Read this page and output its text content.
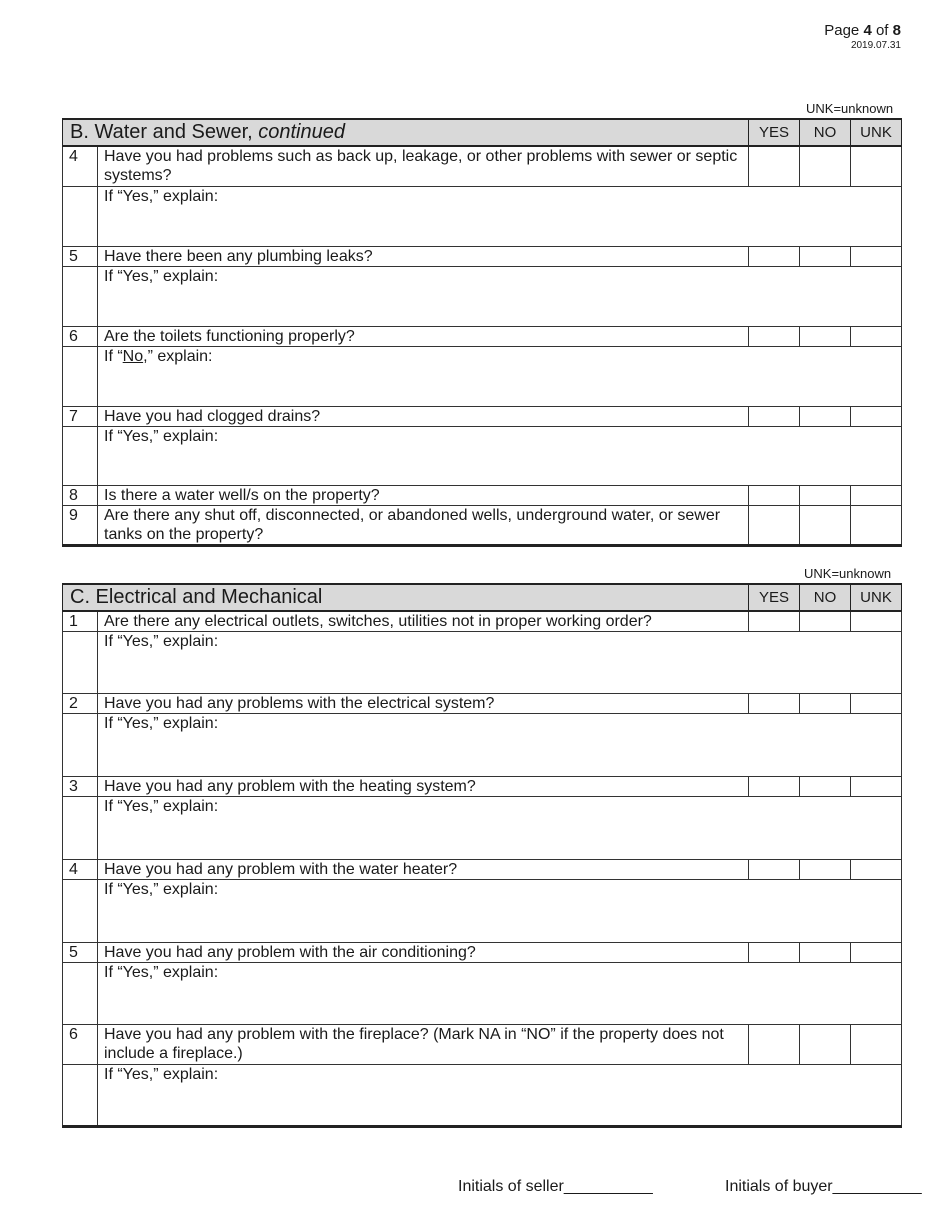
Page 4 of 8
2019.07.31
UNK=unknown
B. Water and Sewer, continued		YES	NO	UNK
4	Have you had problems such as back up, leakage, or other problems with sewer or septic systems?			
	If “Yes,” explain:			
5	Have there been any plumbing leaks?			
	If “Yes,” explain:			
6	Are the toilets functioning properly?			
	If “No,” explain:			
7	Have you had clogged drains?			
	If “Yes,” explain:			
8	Is there a water well/s on the property?			
9	Are there any shut off, disconnected, or abandoned wells, underground water, or sewer tanks on the property?			
UNK=unknown
C. Electrical and Mechanical		YES	NO	UNK
1	Are there any electrical outlets, switches, utilities not in proper working order?			
	If “Yes,” explain:			
2	Have you had any problems with the electrical system?			
	If “Yes,” explain:			
3	Have you had any problem with the heating system?			
	If “Yes,” explain:			
4	Have you had any problem with the water heater?			
	If “Yes,” explain:			
5	Have you had any problem with the air conditioning?			
	If “Yes,” explain:			
6	Have you had any problem with the fireplace? (Mark NA in “NO” if the property does not include a fireplace.)			
	If “Yes,” explain:			
Initials of seller__________	Initials of buyer__________
